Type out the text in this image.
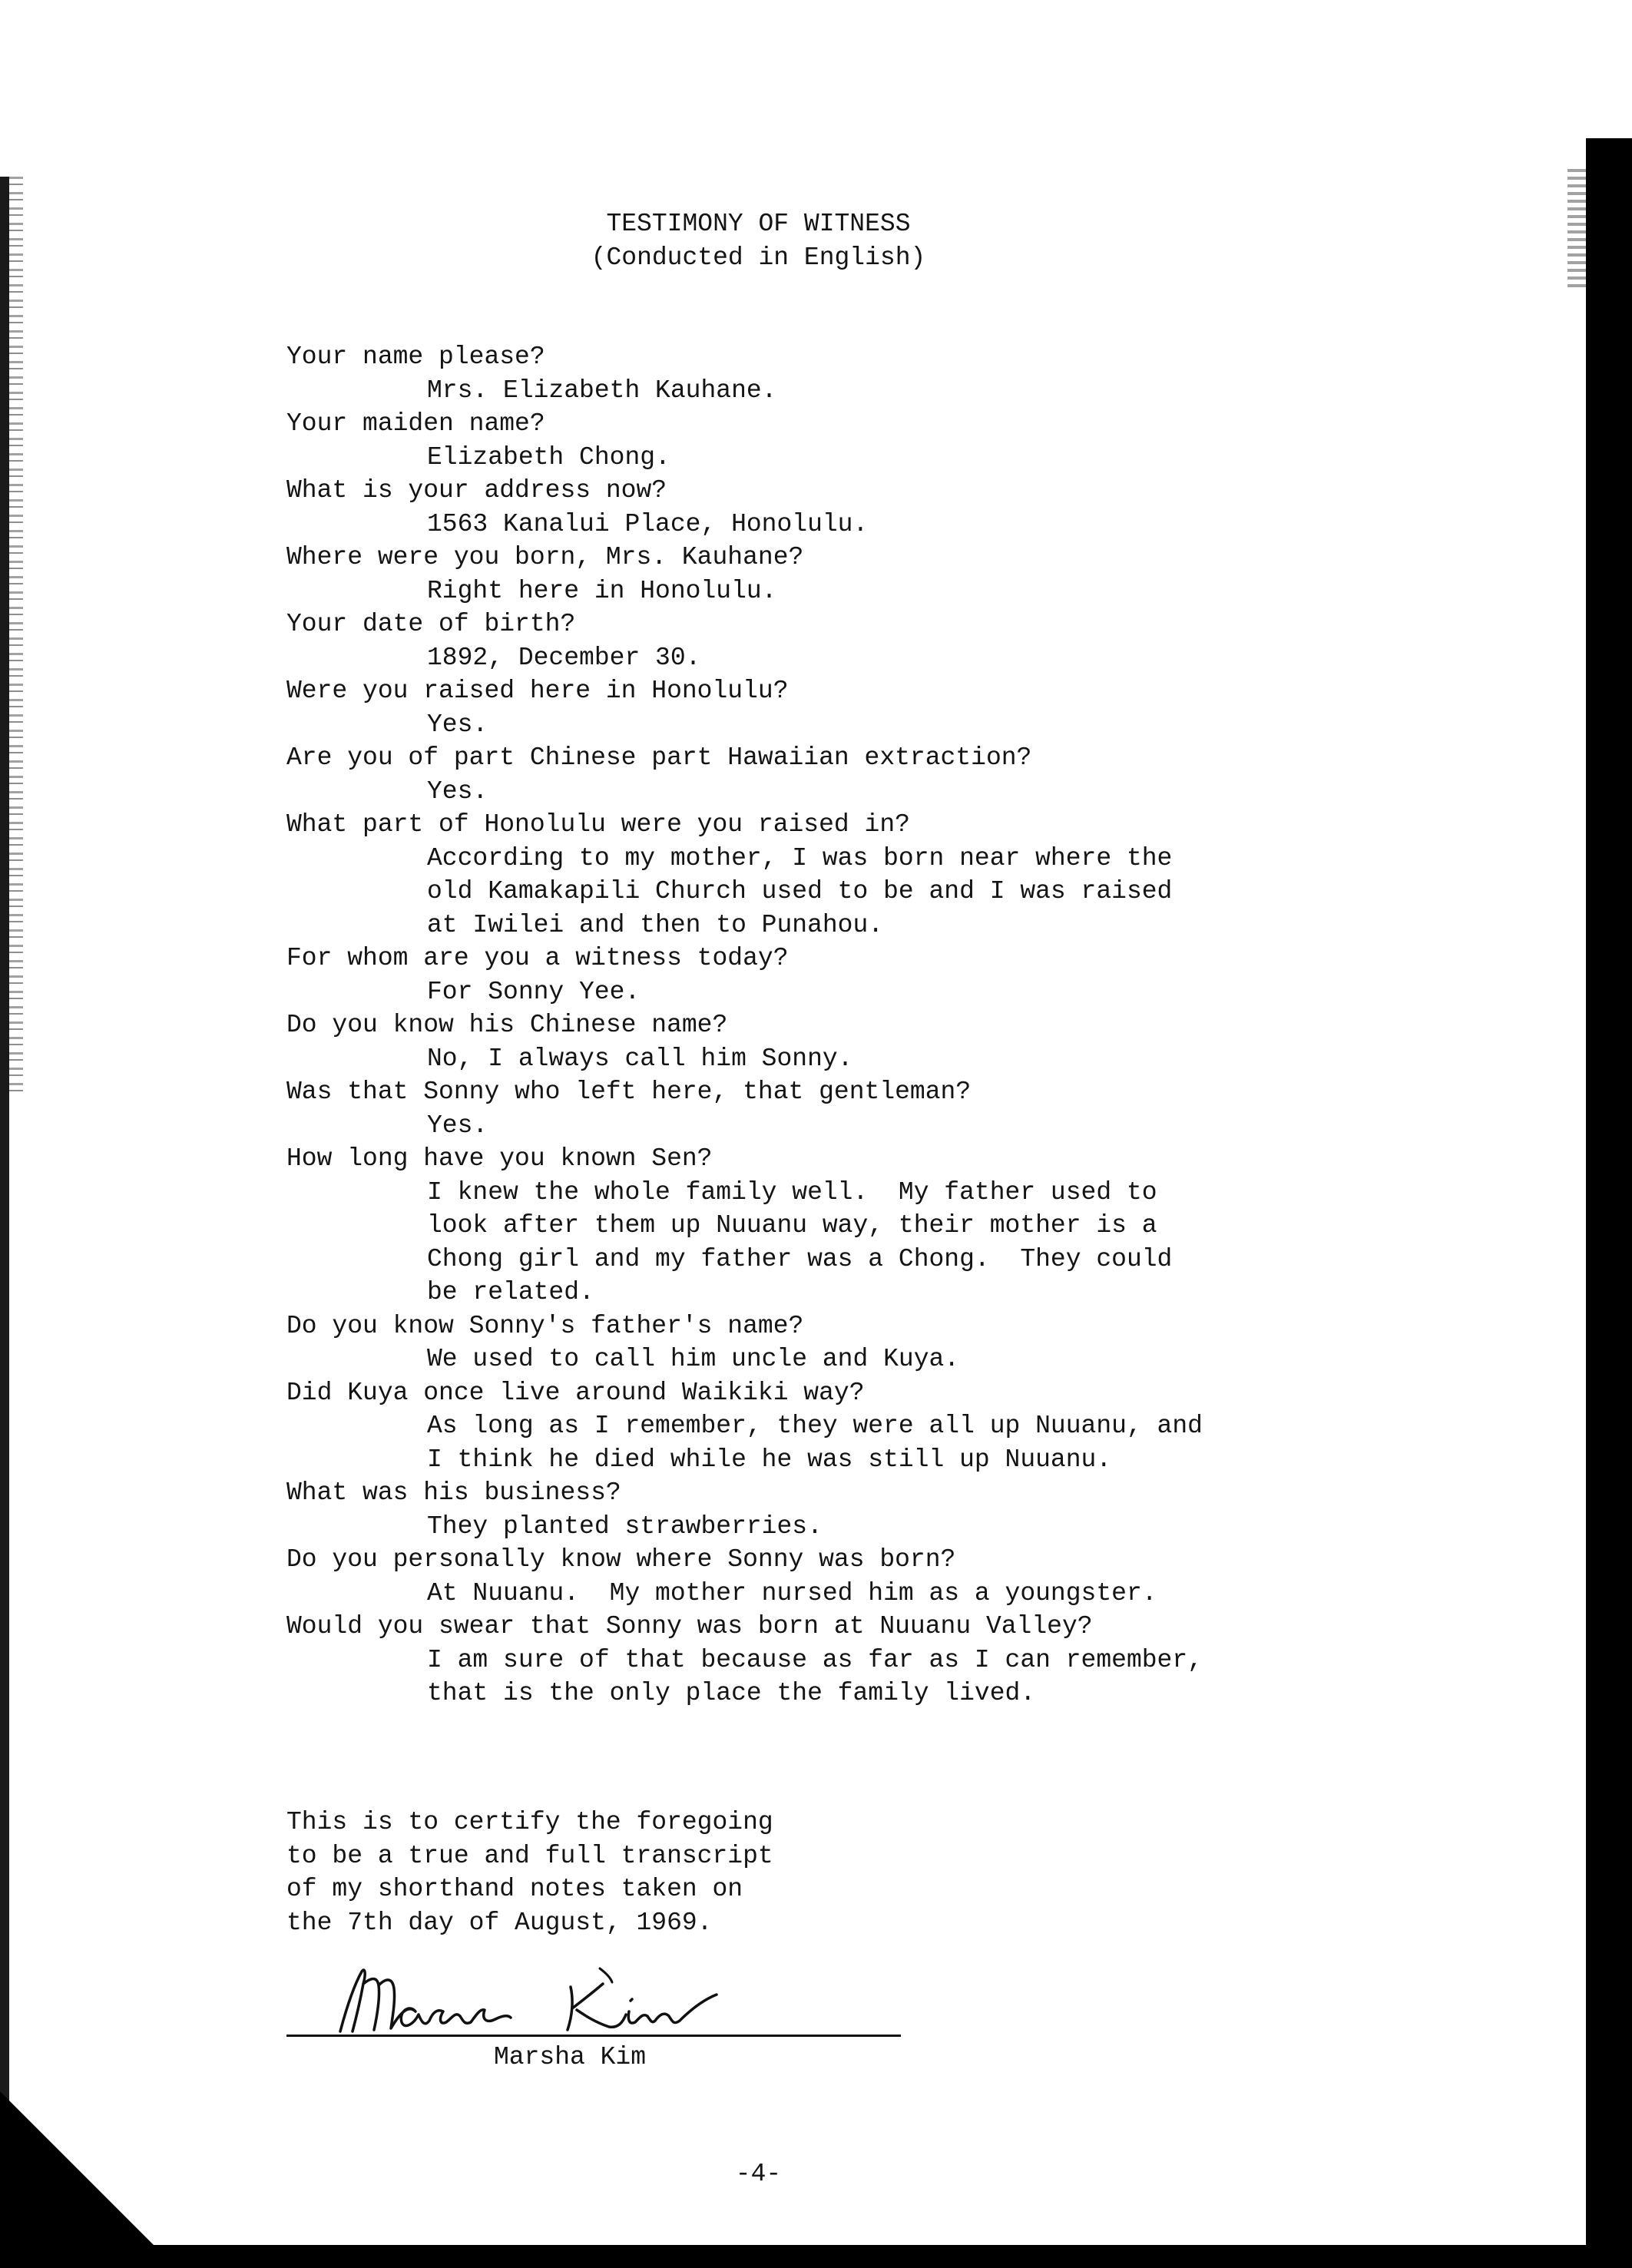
TESTIMONY OF WITNESS
(Conducted in English)
Your name please?
Mrs. Elizabeth Kauhane.
Your maiden name?
Elizabeth Chong.
What is your address now?
1563 Kanalui Place, Honolulu.
Where were you born, Mrs. Kauhane?
Right here in Honolulu.
Your date of birth?
1892, December 30.
Were you raised here in Honolulu?
Yes.
Are you of part Chinese part Hawaiian extraction?
Yes.
What part of Honolulu were you raised in?
According to my mother, I was born near where the
old Kamakapili Church used to be and I was raised
at Iwilei and then to Punahou.
For whom are you a witness today?
For Sonny Yee.
Do you know his Chinese name?
No, I always call him Sonny.
Was that Sonny who left here, that gentleman?
Yes.
How long have you known Sen?
I knew the whole family well.  My father used to
look after them up Nuuanu way, their mother is a
Chong girl and my father was a Chong.  They could
be related.
Do you know Sonny's father's name?
We used to call him uncle and Kuya.
Did Kuya once live around Waikiki way?
As long as I remember, they were all up Nuuanu, and
I think he died while he was still up Nuuanu.
What was his business?
They planted strawberries.
Do you personally know where Sonny was born?
At Nuuanu.  My mother nursed him as a youngster.
Would you swear that Sonny was born at Nuuanu Valley?
I am sure of that because as far as I can remember,
that is the only place the family lived.
This is to certify the foregoing
to be a true and full transcript
of my shorthand notes taken on
the 7th day of August, 1969.
Marsha Kim
-4-
